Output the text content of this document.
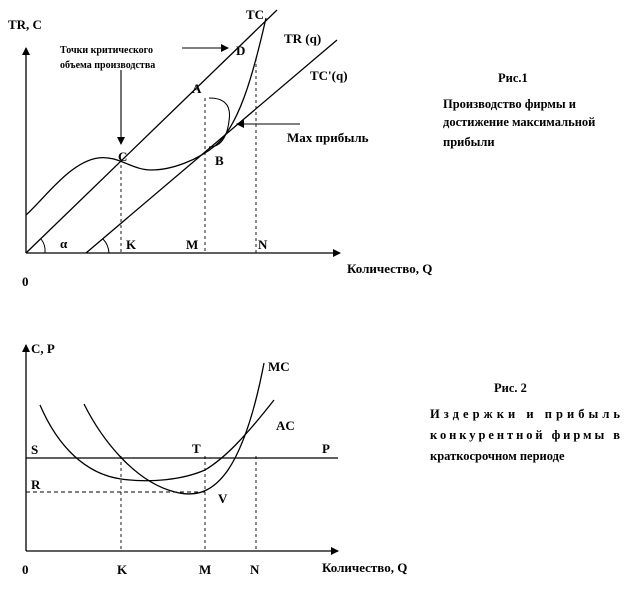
TR, C
0
Количество, Q
TC
TR (q)
TC'(q)
Точки критического
объема производства
D
A
B
C
Max прибыль
α	K	M	N
Рис.1
Производство фирмы и
достижение максимальной
прибыли
C, P
0	Количество, Q
MC
AC
P
S
R
T
V
K	M	N
Рис. 2
Издержки и прибыль
конкурентной фирмы в
краткосрочном периоде
